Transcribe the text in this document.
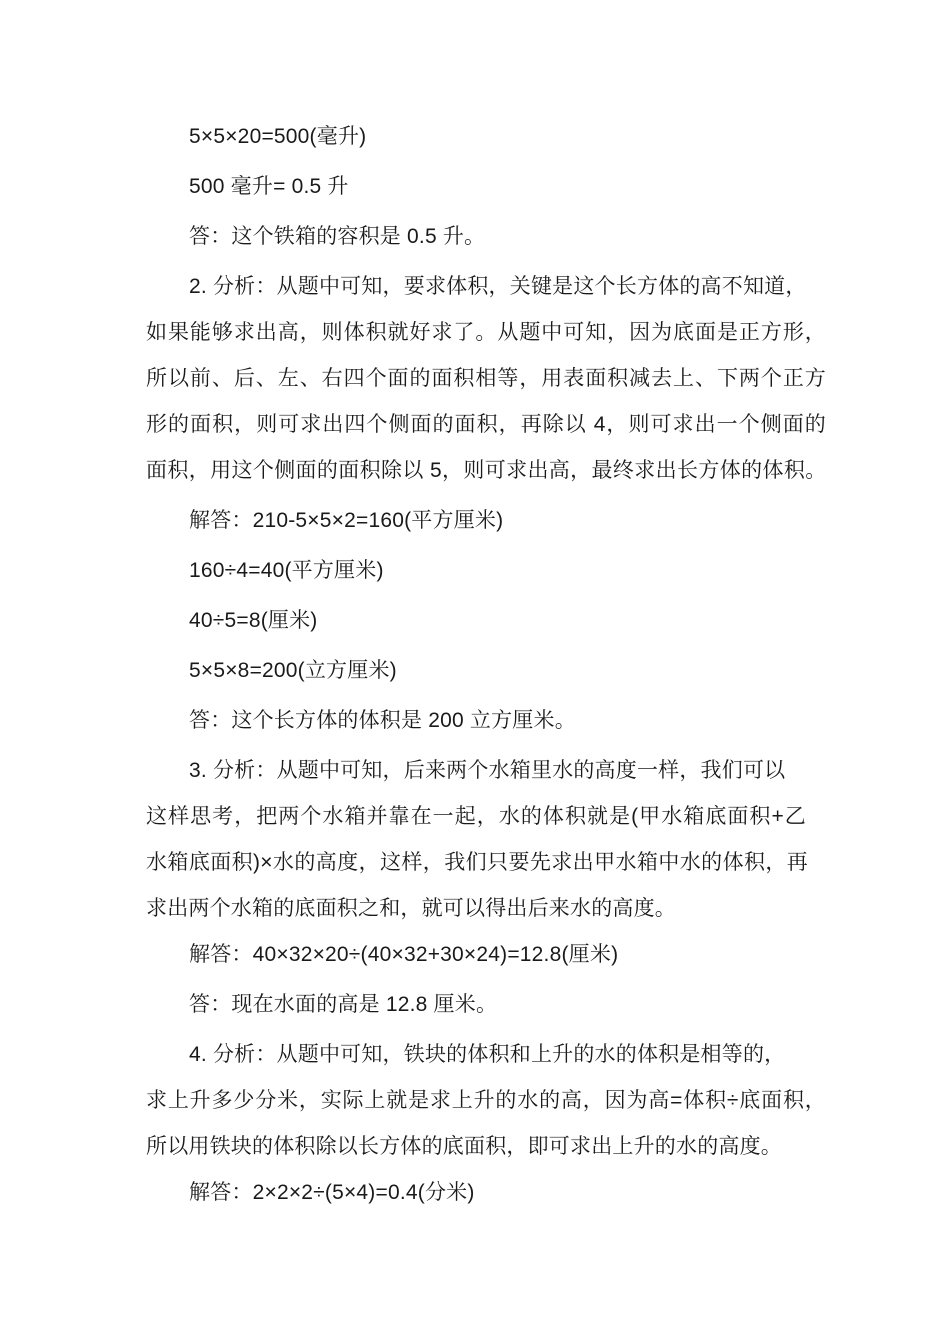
5×5×20=500(毫升)
500 毫升= 0.5 升
答：这个铁箱的容积是 0.5 升。
2. 分析：从题中可知，要求体积，关键是这个长方体的高不知道，
如果能够求出高，则体积就好求了。从题中可知，因为底面是正方形，
所以前、后、左、右四个面的面积相等，用表面积减去上、下两个正方
形的面积，则可求出四个侧面的面积，再除以 4，则可求出一个侧面的
面积，用这个侧面的面积除以 5，则可求出高，最终求出长方体的体积。
解答：210-5×5×2=160(平方厘米)
160÷4=40(平方厘米)
40÷5=8(厘米)
5×5×8=200(立方厘米)
答：这个长方体的体积是 200 立方厘米。
3. 分析：从题中可知，后来两个水箱里水的高度一样，我们可以
这样思考，把两个水箱并靠在一起，水的体积就是(甲水箱底面积+乙
水箱底面积)×水的高度，这样，我们只要先求出甲水箱中水的体积，再
求出两个水箱的底面积之和，就可以得出后来水的高度。
解答：40×32×20÷(40×32+30×24)=12.8(厘米)
答：现在水面的高是 12.8 厘米。
4. 分析：从题中可知，铁块的体积和上升的水的体积是相等的，
求上升多少分米，实际上就是求上升的水的高，因为高=体积÷底面积，
所以用铁块的体积除以长方体的底面积，即可求出上升的水的高度。
解答：2×2×2÷(5×4)=0.4(分米)
